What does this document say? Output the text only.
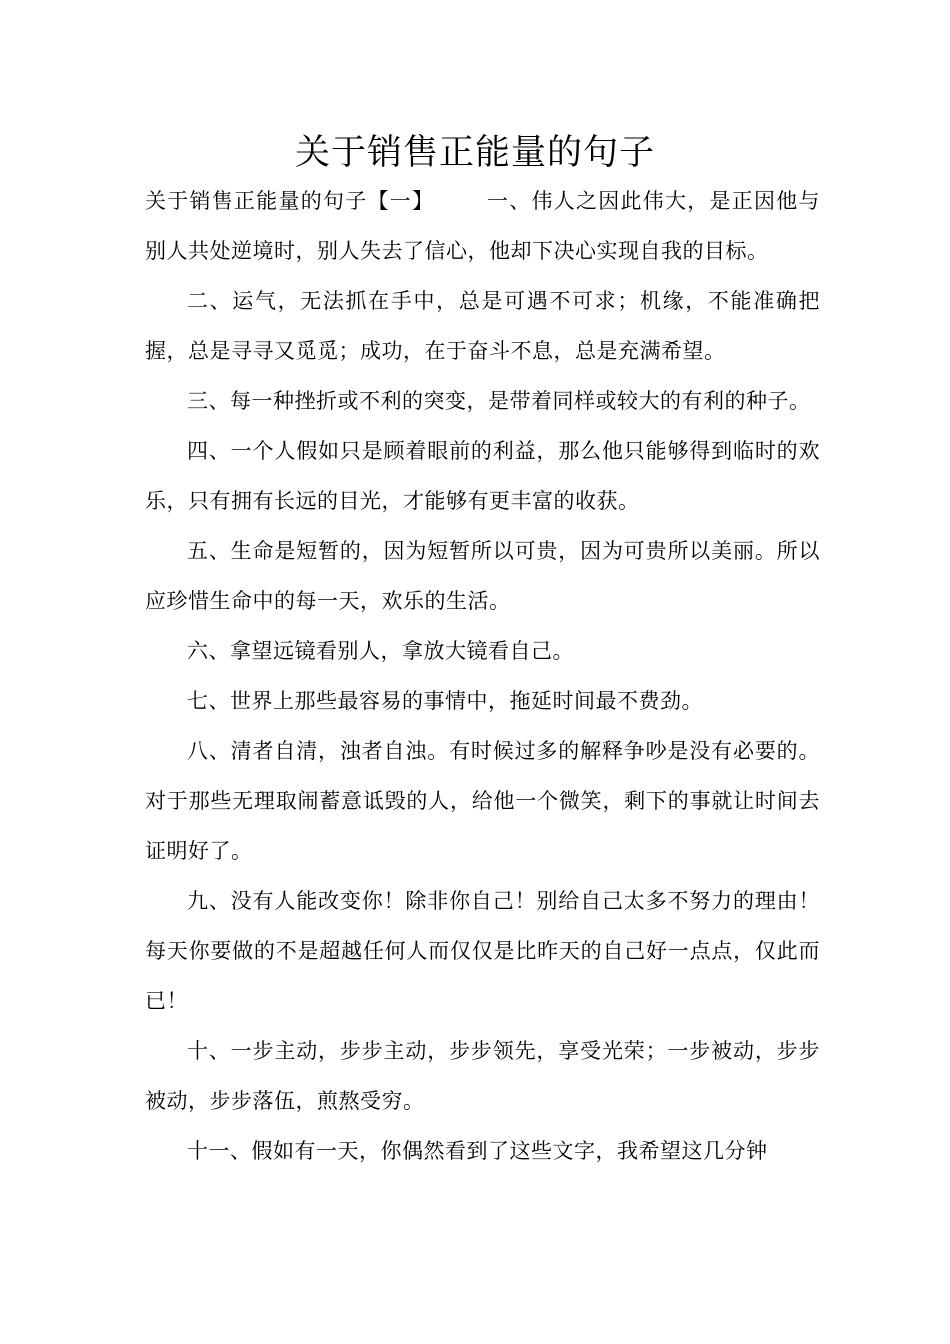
关于销售正能量的句子

关于销售正能量的句子【一】 一、伟人之因此伟大，是正因他与别人共处逆境时，别人失去了信心，他却下决心实现自我的目标。

二、运气，无法抓在手中，总是可遇不可求；机缘，不能准确把握，总是寻寻又觅觅；成功，在于奋斗不息，总是充满希望。

三、每一种挫折或不利的突变，是带着同样或较大的有利的种子。

四、一个人假如只是顾着眼前的利益，那么他只能够得到临时的欢乐，只有拥有长远的目光，才能够有更丰富的收获。

五、生命是短暂的，因为短暂所以可贵，因为可贵所以美丽。所以应珍惜生命中的每一天，欢乐的生活。

六、拿望远镜看别人，拿放大镜看自己。

七、世界上那些最容易的事情中，拖延时间最不费劲。

八、清者自清，浊者自浊。有时候过多的解释争吵是没有必要的。对于那些无理取闹蓄意诋毁的人，给他一个微笑，剩下的事就让时间去证明好了。

九、没有人能改变你！除非你自己！别给自己太多不努力的理由！每天你要做的不是超越任何人而仅仅是比昨天的自己好一点点，仅此而已！

十、一步主动，步步主动，步步领先，享受光荣；一步被动，步步被动，步步落伍，煎熬受穷。

十一、假如有一天，你偶然看到了这些文字，我希望这几分钟
